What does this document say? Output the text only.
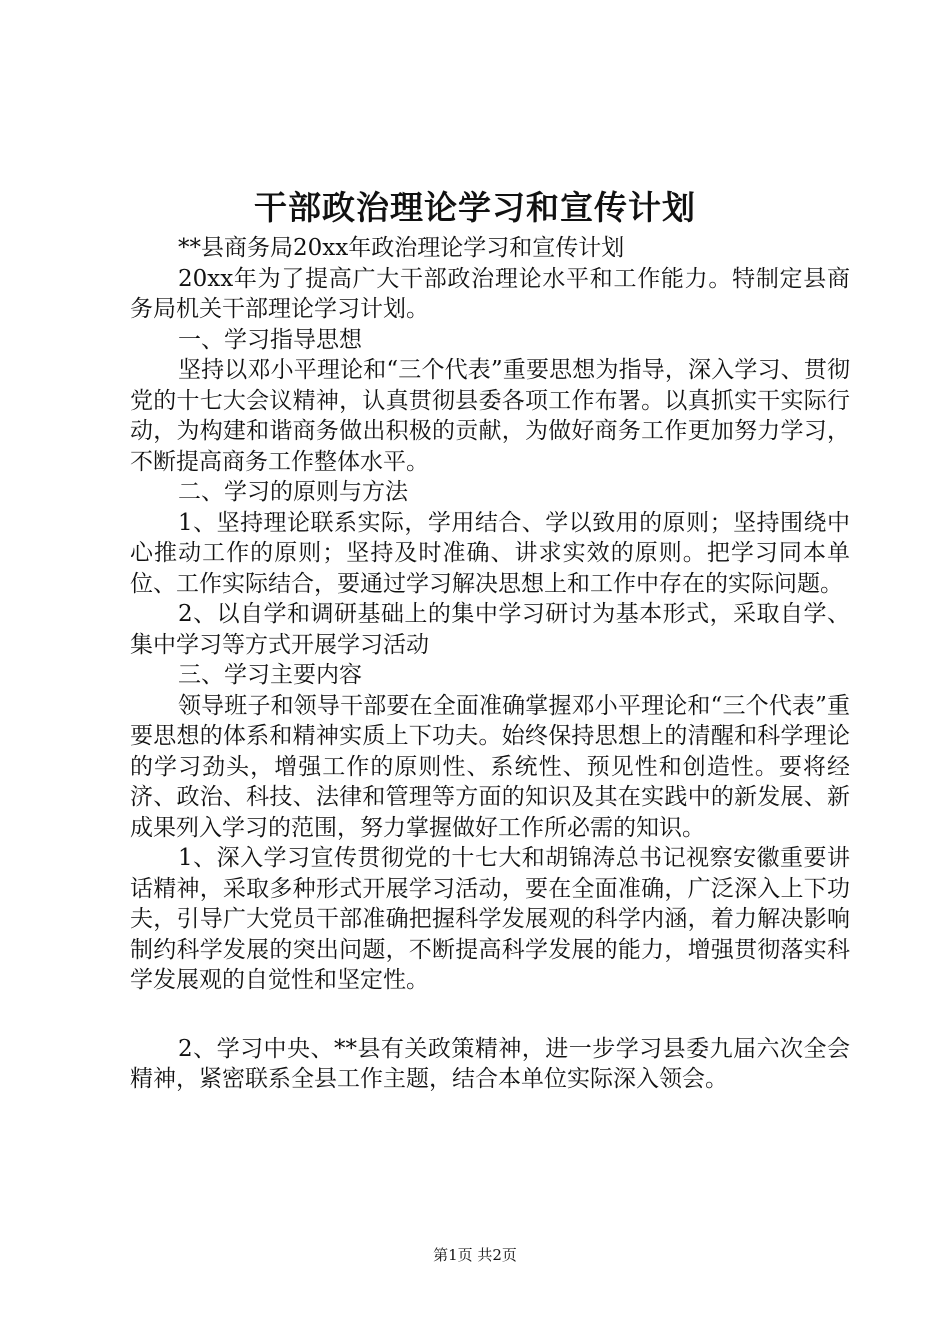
干部政治理论学习和宣传计划

**县商务局20xx年政治理论学习和宣传计划

20xx年为了提高广大干部政治理论水平和工作能力。特制定县商务局机关干部理论学习计划。

一、学习指导思想

坚持以邓小平理论和“三个代表”重要思想为指导，深入学习、贯彻党的十七大会议精神，认真贯彻县委各项工作布署。以真抓实干实际行动，为构建和谐商务做出积极的贡献，为做好商务工作更加努力学习，不断提高商务工作整体水平。

二、学习的原则与方法

1、坚持理论联系实际，学用结合、学以致用的原则；坚持围绕中心推动工作的原则；坚持及时准确、讲求实效的原则。把学习同本单位、工作实际结合，要通过学习解决思想上和工作中存在的实际问题。

2、以自学和调研基础上的集中学习研讨为基本形式，采取自学、集中学习等方式开展学习活动

三、学习主要内容

领导班子和领导干部要在全面准确掌握邓小平理论和“三个代表”重要思想的体系和精神实质上下功夫。始终保持思想上的清醒和科学理论的学习劲头，增强工作的原则性、系统性、预见性和创造性。要将经济、政治、科技、法律和管理等方面的知识及其在实践中的新发展、新成果列入学习的范围，努力掌握做好工作所必需的知识。

1、深入学习宣传贯彻党的十七大和胡锦涛总书记视察安徽重要讲话精神，采取多种形式开展学习活动，要在全面准确，广泛深入上下功夫，引导广大党员干部准确把握科学发展观的科学内涵，着力解决影响制约科学发展的突出问题，不断提高科学发展的能力，增强贯彻落实科学发展观的自觉性和坚定性。

2、学习中央、**县有关政策精神，进一步学习县委九届六次全会精神，紧密联系全县工作主题，结合本单位实际深入领会。

第1页 共2页
